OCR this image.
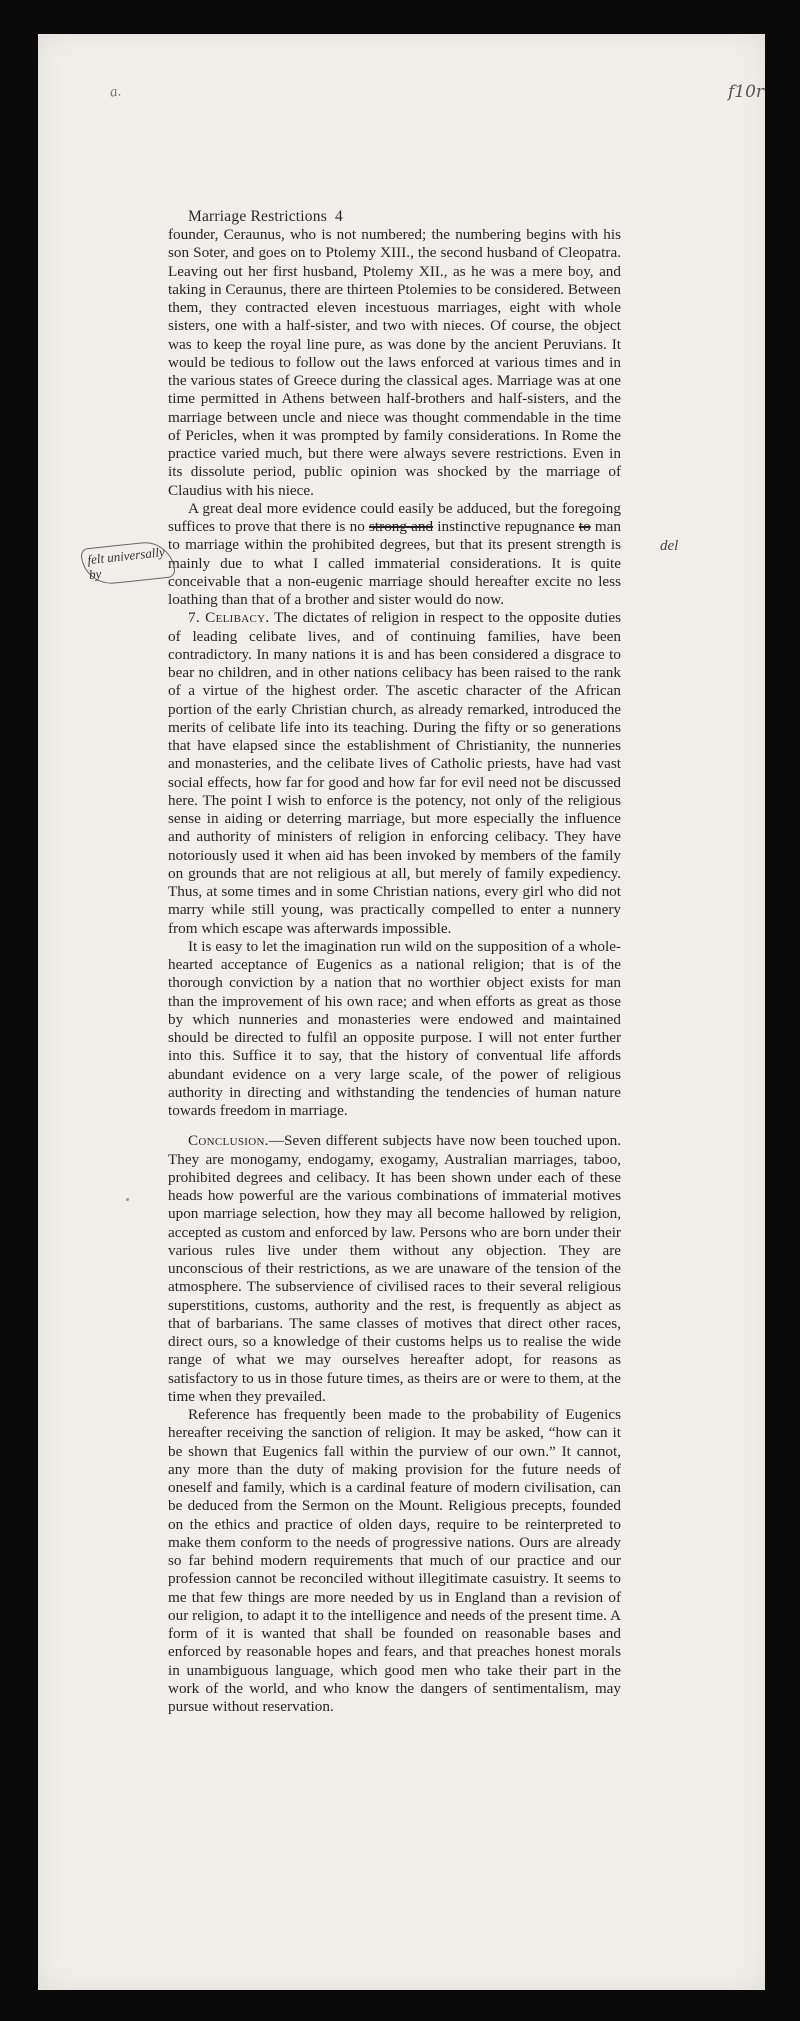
f10r
a.
Marriage Restrictions 4

founder, Ceraunus, who is not numbered; the numbering begins with his son Soter, and goes on to Ptolemy XIII., the second husband of Cleopatra. Leaving out her first husband, Ptolemy XII., as he was a mere boy, and taking in Ceraunus, there are thirteen Ptolemies to be considered. Between them, they contracted eleven incestuous marriages, eight with whole sisters, one with a half-sister, and two with nieces. Of course, the object was to keep the royal line pure, as was done by the ancient Peruvians. It would be tedious to follow out the laws enforced at various times and in the various states of Greece during the classical ages. Marriage was at one time permitted in Athens between half-brothers and half-sisters, and the marriage between uncle and niece was thought commendable in the time of Pericles, when it was prompted by family considerations. In Rome the practice varied much, but there were always severe restrictions. Even in its dissolute period, public opinion was shocked by the marriage of Claudius with his niece.

A great deal more evidence could easily be adduced, but the foregoing suffices to prove that there is no strong and instinctive repugnance to man to marriage within the prohibited degrees, but that its present strength is mainly due to what I called immaterial considerations. It is quite conceivable that a non-eugenic marriage should hereafter excite no less loathing than that of a brother and sister would do now.

7. Celibacy. The dictates of religion in respect to the opposite duties of leading celibate lives, and of continuing families, have been contradictory. In many nations it is and has been considered a disgrace to bear no children, and in other nations celibacy has been raised to the rank of a virtue of the highest order. The ascetic character of the African portion of the early Christian church, as already remarked, introduced the merits of celibate life into its teaching. During the fifty or so generations that have elapsed since the establishment of Christianity, the nunneries and monasteries, and the celibate lives of Catholic priests, have had vast social effects, how far for good and how far for evil need not be discussed here. The point I wish to enforce is the potency, not only of the religious sense in aiding or deterring marriage, but more especially the influence and authority of ministers of religion in enforcing celibacy. They have notoriously used it when aid has been invoked by members of the family on grounds that are not religious at all, but merely of family expediency. Thus, at some times and in some Christian nations, every girl who did not marry while still young, was practically compelled to enter a nunnery from which escape was afterwards impossible.

It is easy to let the imagination run wild on the supposition of a whole-hearted acceptance of Eugenics as a national religion; that is of the thorough conviction by a nation that no worthier object exists for man than the improvement of his own race; and when efforts as great as those by which nunneries and monasteries were endowed and maintained should be directed to fulfil an opposite purpose. I will not enter further into this. Suffice it to say, that the history of conventual life affords abundant evidence on a very large scale, of the power of religious authority in directing and withstanding the tendencies of human nature towards freedom in marriage.

Conclusion.—Seven different subjects have now been touched upon. They are monogamy, endogamy, exogamy, Australian marriages, taboo, prohibited degrees and celibacy. It has been shown under each of these heads how powerful are the various combinations of immaterial motives upon marriage selection, how they may all become hallowed by religion, accepted as custom and enforced by law. Persons who are born under their various rules live under them without any objection. They are unconscious of their restrictions, as we are unaware of the tension of the atmosphere. The subservience of civilised races to their several religious superstitions, customs, authority and the rest, is frequently as abject as that of barbarians. The same classes of motives that direct other races, direct ours, so a knowledge of their customs helps us to realise the wide range of what we may ourselves hereafter adopt, for reasons as satisfactory to us in those future times, as theirs are or were to them, at the time when they prevailed.

Reference has frequently been made to the probability of Eugenics hereafter receiving the sanction of religion. It may be asked, “how can it be shown that Eugenics fall within the purview of our own.” It cannot, any more than the duty of making provision for the future needs of oneself and family, which is a cardinal feature of modern civilisation, can be deduced from the Sermon on the Mount. Religious precepts, founded on the ethics and practice of olden days, require to be reinterpreted to make them conform to the needs of progressive nations. Ours are already so far behind modern requirements that much of our practice and our profession cannot be reconciled without illegitimate casuistry. It seems to me that few things are more needed by us in England than a revision of our religion, to adapt it to the intelligence and needs of the present time. A form of it is wanted that shall be founded on reasonable bases and enforced by reasonable hopes and fears, and that preaches honest morals in unambiguous language, which good men who take their part in the work of the world, and who know the dangers of sentimentalism, may pursue without reservation.

felt universally by
del
